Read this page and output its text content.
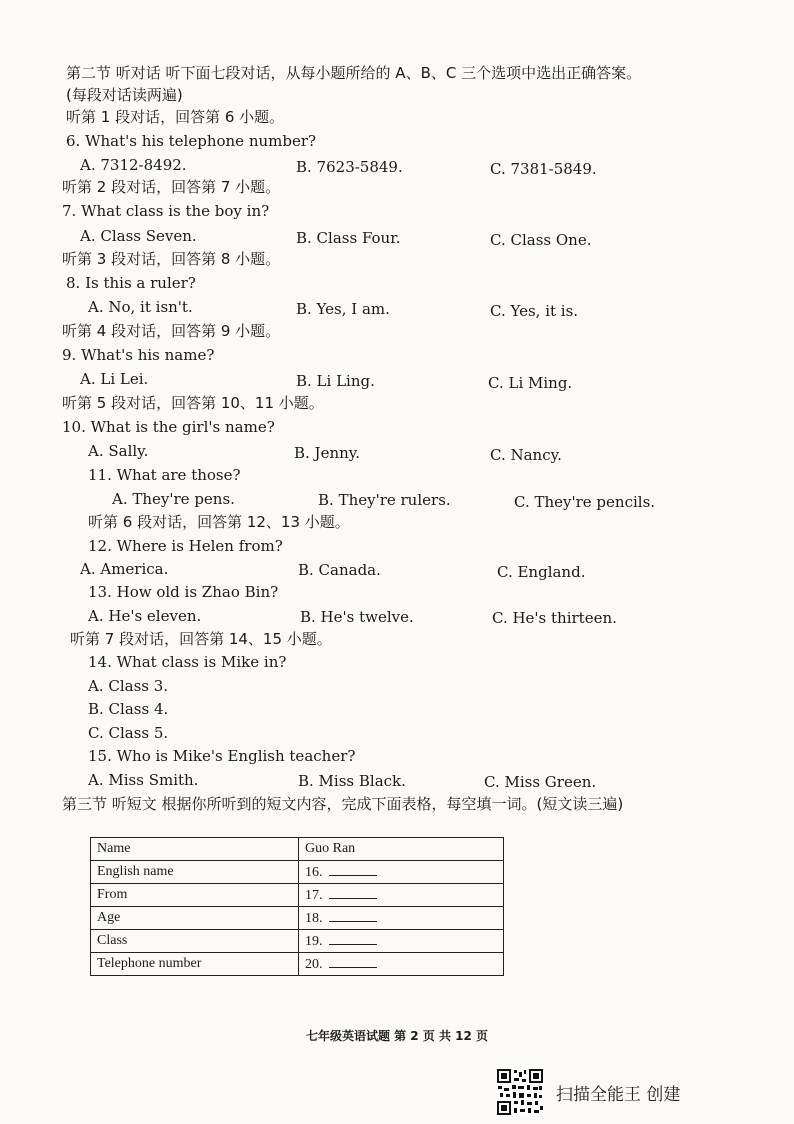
第二节 听对话 听下面七段对话，从每小题所给的 A、B、C 三个选项中选出正确答案。
(每段对话读两遍)
听第 1 段对话，回答第 6 小题。
6. What's his telephone number?
A. 7312-8492.	B. 7623-5849.	C. 7381-5849.
听第 2 段对话，回答第 7 小题。
7. What class is the boy in?
A. Class Seven.	B. Class Four.	C. Class One.
听第 3 段对话，回答第 8 小题。
8. Is this a ruler?
A. No, it isn't.	B. Yes, I am.	C. Yes, it is.
听第 4 段对话，回答第 9 小题。
9. What's his name?
A. Li Lei.	B. Li Ling.	C. Li Ming.
听第 5 段对话，回答第 10、11 小题。
10. What is the girl's name?
A. Sally.	B. Jenny.	C. Nancy.
11. What are those?
A. They're pens.	B. They're rulers.	C. They're pencils.
听第 6 段对话，回答第 12、13 小题。
12. Where is Helen from?
A. America.	B. Canada.	C. England.
13. How old is Zhao Bin?
A. He's eleven.	B. He's twelve.	C. He's thirteen.
听第 7 段对话，回答第 14、15 小题。
14. What class is Mike in?
A. Class 3.
B. Class 4.
C. Class 5.
15. Who is Mike's English teacher?
A. Miss Smith.	B. Miss Black.	C. Miss Green.
第三节 听短文 根据你所听到的短文内容，完成下面表格，每空填一词。(短文读三遍)
Name	Guo Ran
English name	16.
From	17.
Age	18.
Class	19.
Telephone number	20.
七年级英语试题 第 2 页 共 12 页
扫描全能王 创建
